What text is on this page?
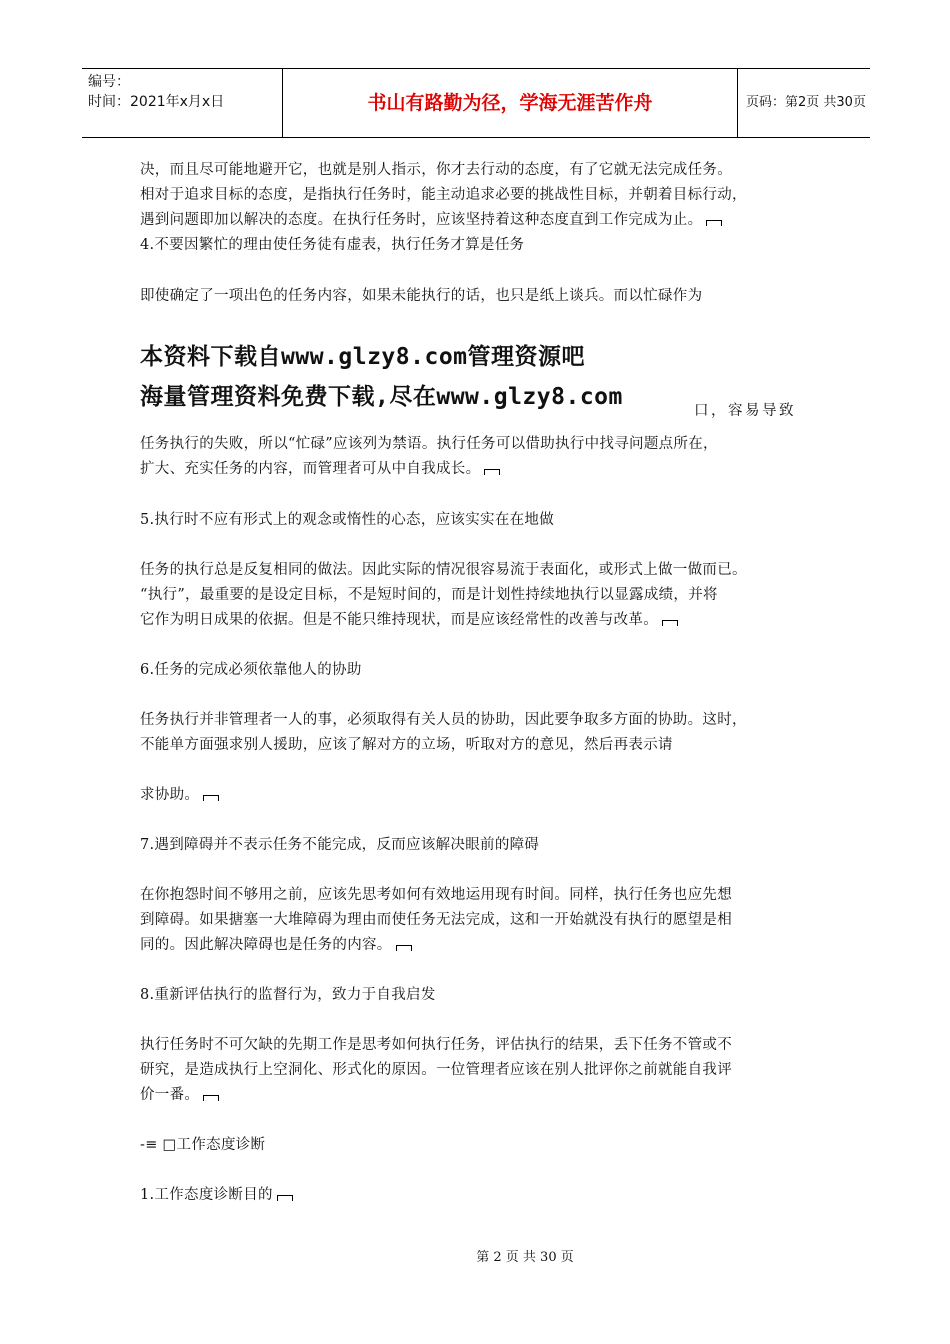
编号：
时间：2021年x月x日	书山有路勤为径，学海无涯苦作舟	页码：第2页 共30页
决，而且尽可能地避开它，也就是别人指示，你才去行动的态度，有了它就无法完成任务。
相对于追求目标的态度，是指执行任务时，能主动追求必要的挑战性目标，并朝着目标行动，
遇到问题即加以解决的态度。在执行任务时，应该坚持着这种态度直到工作完成为止。
4.不要因繁忙的理由使任务徒有虚表，执行任务才算是任务
即使确定了一项出色的任务内容，如果未能执行的话，也只是纸上谈兵。而以忙碌作为
本资料下载自www.glzy8.com管理资源吧
海量管理资料免费下载,尽在www.glzy8.com
口，容易导致
任务执行的失败，所以“忙碌”应该列为禁语。执行任务可以借助执行中找寻问题点所在，
扩大、充实任务的内容，而管理者可从中自我成长。
5.执行时不应有形式上的观念或惰性的心态，应该实实在在地做
任务的执行总是反复相同的做法。因此实际的情况很容易流于表面化，或形式上做一做而已。
“执行”，最重要的是设定目标，不是短时间的，而是计划性持续地执行以显露成绩，并将
它作为明日成果的依据。但是不能只维持现状，而是应该经常性的改善与改革。
6.任务的完成必须依靠他人的协助
任务执行并非管理者一人的事，必须取得有关人员的协助，因此要争取多方面的协助。这时，
不能单方面强求别人援助，应该了解对方的立场，听取对方的意见，然后再表示请
求协助。
7.遇到障碍并不表示任务不能完成，反而应该解决眼前的障碍
在你抱怨时间不够用之前，应该先思考如何有效地运用现有时间。同样，执行任务也应先想
到障碍。如果搪塞一大堆障碍为理由而使任务无法完成，这和一开始就没有执行的愿望是相
同的。因此解决障碍也是任务的内容。
8.重新评估执行的监督行为，致力于自我启发
执行任务时不可欠缺的先期工作是思考如何执行任务，评估执行的结果，丢下任务不管或不
研究，是造成执行上空洞化、形式化的原因。一位管理者应该在别人批评你之前就能自我评
价一番。
-≡ □工作态度诊断
1.工作态度诊断目的
第 2 页 共 30 页
